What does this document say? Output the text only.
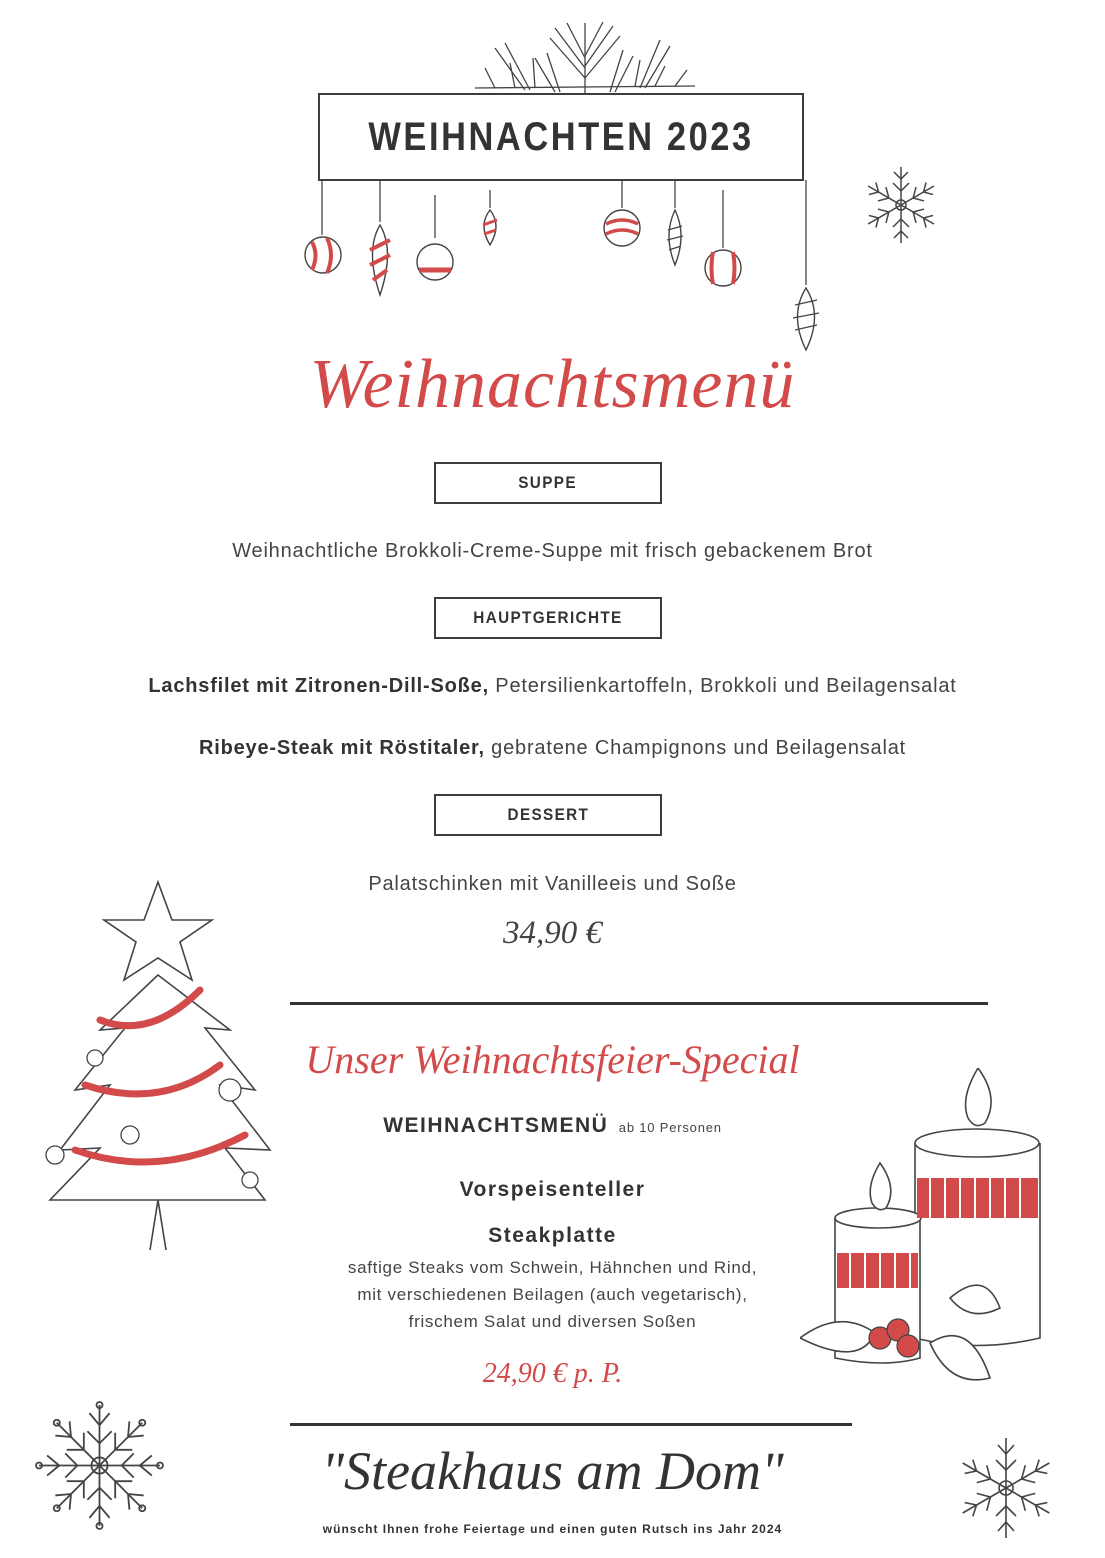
WEIHNACHTEN 2023
Weihnachtsmenü
SUPPE
Weihnachtliche Brokkoli-Creme-Suppe mit frisch gebackenem Brot
HAUPTGERICHTE
Lachsfilet mit Zitronen-Dill-Soße, Petersilienkartoffeln, Brokkoli und Beilagensalat
Ribeye-Steak mit Röstitaler, gebratene Champignons und Beilagensalat
DESSERT
Palatschinken mit Vanilleeis und Soße
34,90 €
Unser Weihnachtsfeier-Special
WEIHNACHTSMENÜ ab 10 Personen
Vorspeisenteller
Steakplatte
saftige Steaks vom Schwein, Hähnchen und Rind,
mit verschiedenen Beilagen (auch vegetarisch),
frischem Salat und diversen Soßen
24,90 € p. P.
"Steakhaus am Dom"
wünscht Ihnen frohe Feiertage und einen guten Rutsch ins Jahr 2024
